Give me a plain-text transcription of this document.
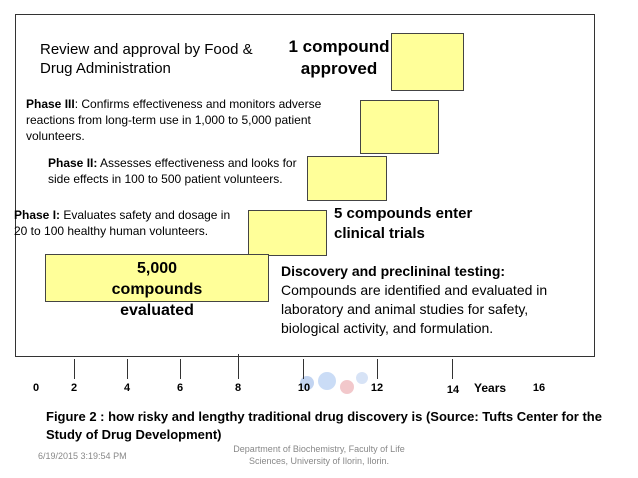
5,000 compounds evaluated
Review and approval by Food & Drug Administration
1 compound approved
Phase III: Confirms effectiveness and monitors adverse reactions from long-term use in 1,000 to 5,000 patient volunteers.
Phase II: Assesses effectiveness and looks for side effects in 100 to 500 patient volunteers.
Phase I: Evaluates safety and dosage in 20 to 100 healthy human volunteers.
5 compounds enter clinical trials
Discovery and preclininal testing:
Compounds are identified and evaluated in laboratory and animal studies for safety, biological activity, and formulation.
0	2	4	6	8	10	12	14	16
Years
Figure 2 : how risky and lengthy traditional drug discovery is (Source: Tufts Center for the Study of Drug Development)
6/19/2015 3:19:54 PM
Department of Biochemistry, Faculty of Life Sciences, University of Ilorin, Ilorin.
